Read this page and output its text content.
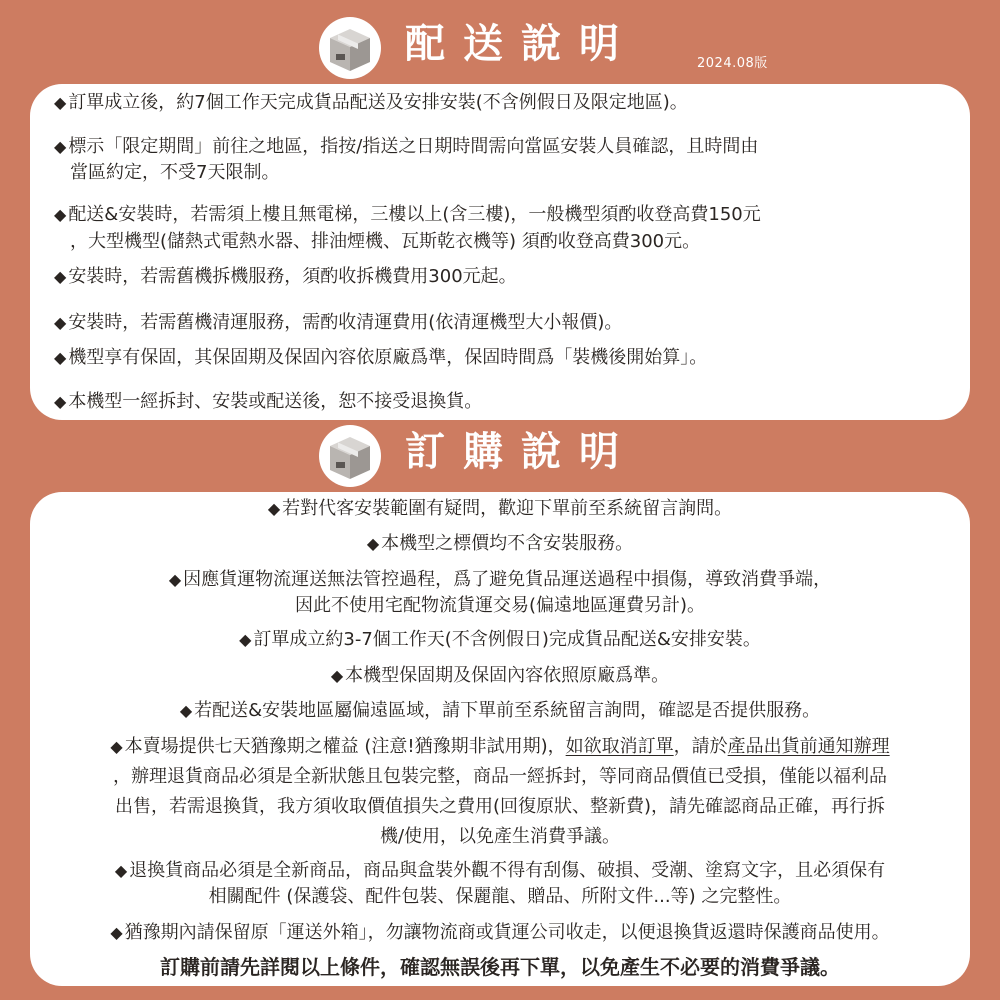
配送說明	2024.08版
◆ 訂單成立後，約7個工作天完成貨品配送及安排安裝(不含例假日及限定地區)。
◆ 標示「限定期間」前往之地區，指按/指送之日期時間需向當區安裝人員確認，且時間由
當區約定，不受7天限制。
◆ 配送&安裝時，若需須上樓且無電梯，三樓以上(含三樓)，一般機型須酌收登高費150元
，大型機型(儲熱式電熱水器、排油煙機、瓦斯乾衣機等) 須酌收登高費300元。
◆ 安裝時，若需舊機拆機服務，須酌收拆機費用300元起。
◆ 安裝時，若需舊機清運服務，需酌收清運費用(依清運機型大小報價)。
◆ 機型享有保固，其保固期及保固內容依原廠爲準，保固時間爲「裝機後開始算」。
◆ 本機型一經拆封、安裝或配送後，恕不接受退換貨。
訂購說明
◆ 若對代客安裝範圍有疑問，歡迎下單前至系統留言詢問。
◆ 本機型之標價均不含安裝服務。
◆ 因應貨運物流運送無法管控過程，爲了避免貨品運送過程中損傷，導致消費爭端，
因此不使用宅配物流貨運交易(偏遠地區運費另計)。
◆ 訂單成立約3-7個工作天(不含例假日)完成貨品配送&安排安裝。
◆ 本機型保固期及保固內容依照原廠爲準。
◆ 若配送&安裝地區屬偏遠區域，請下單前至系統留言詢問，確認是否提供服務。
◆ 本賣場提供七天猶豫期之權益 (注意!猶豫期非試用期)，如欲取消訂單，請於產品出貨前通知辦理
，辦理退貨商品必須是全新狀態且包裝完整，商品一經拆封，等同商品價值已受損，僅能以福利品
出售，若需退換貨，我方須收取價值損失之費用(回復原狀、整新費)，請先確認商品正確，再行拆
機/使用，以免產生消費爭議。
◆ 退換貨商品必須是全新商品，商品與盒裝外觀不得有刮傷、破損、受潮、塗寫文字，且必須保有
相關配件 (保護袋、配件包裝、保麗龍、贈品、所附文件...等) 之完整性。
◆ 猶豫期內請保留原「運送外箱」，勿讓物流商或貨運公司收走，以便退換貨返還時保護商品使用。
訂購前請先詳閱以上條件，確認無誤後再下單，以免產生不必要的消費爭議。
